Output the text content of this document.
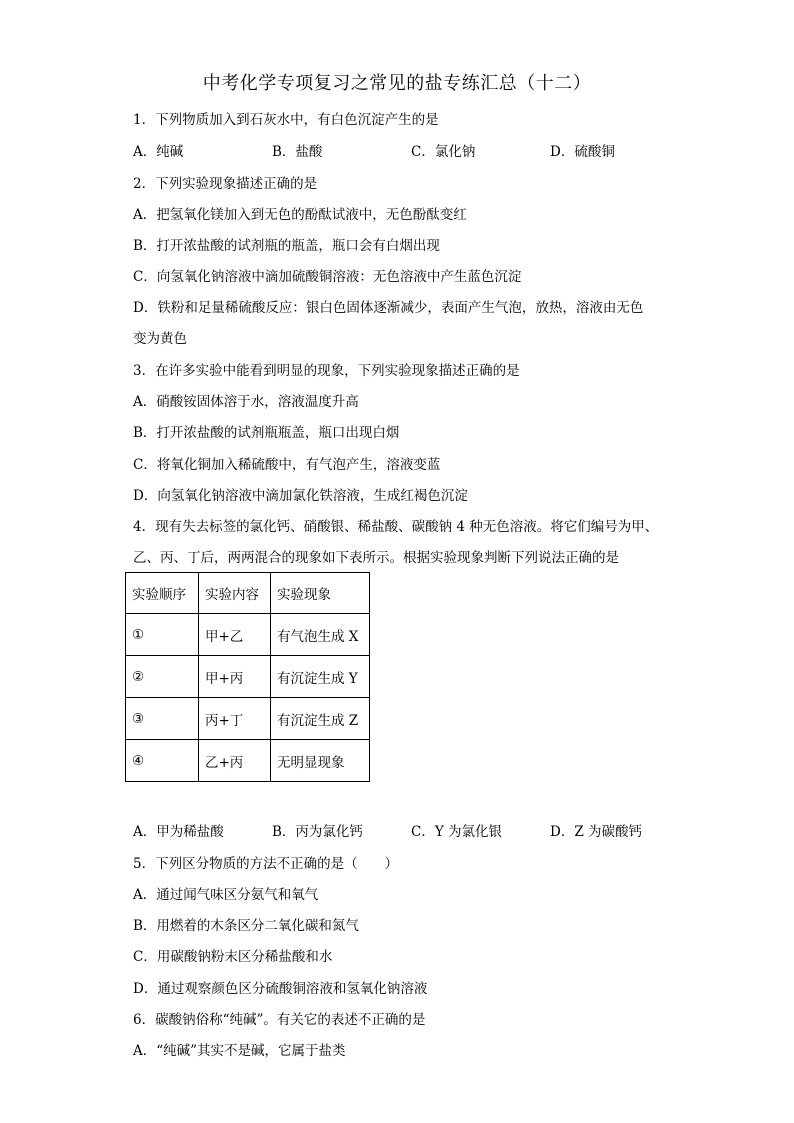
中考化学专项复习之常见的盐专练汇总（十二）
1．下列物质加入到石灰水中，有白色沉淀产生的是
A．纯碱	B．盐酸	C．氯化钠	D．硫酸铜
2．下列实验现象描述正确的是
A．把氢氧化镁加入到无色的酚酞试液中，无色酚酞变红
B．打开浓盐酸的试剂瓶的瓶盖，瓶口会有白烟出现
C．向氢氧化钠溶液中滴加硫酸铜溶液：无色溶液中产生蓝色沉淀
D．铁粉和足量稀硫酸反应：银白色固体逐渐减少，表面产生气泡，放热，溶液由无色
变为黄色
3．在许多实验中能看到明显的现象，下列实验现象描述正确的是
A．硝酸铵固体溶于水，溶液温度升高
B．打开浓盐酸的试剂瓶瓶盖，瓶口出现白烟
C．将氧化铜加入稀硫酸中，有气泡产生，溶液变蓝
D．向氢氧化钠溶液中滴加氯化铁溶液，生成红褐色沉淀
4．现有失去标签的氯化钙、硝酸银、稀盐酸、碳酸钠 4 种无色溶液。将它们编号为甲、
乙、丙、丁后，两两混合的现象如下表所示。根据实验现象判断下列说法正确的是
实验顺序	实验内容	实验现象
①	甲+乙	有气泡生成 X
②	甲+丙	有沉淀生成 Y
③	丙+丁	有沉淀生成 Z
④	乙+丙	无明显现象
A．甲为稀盐酸	B．丙为氯化钙	C．Y 为氯化银	D．Z 为碳酸钙
5．下列区分物质的方法不正确的是（　　）
A．通过闻气味区分氨气和氧气
B．用燃着的木条区分二氧化碳和氮气
C．用碳酸钠粉末区分稀盐酸和水
D．通过观察颜色区分硫酸铜溶液和氢氧化钠溶液
6．碳酸钠俗称“纯碱”。有关它的表述不正确的是
A．“纯碱”其实不是碱，它属于盐类
